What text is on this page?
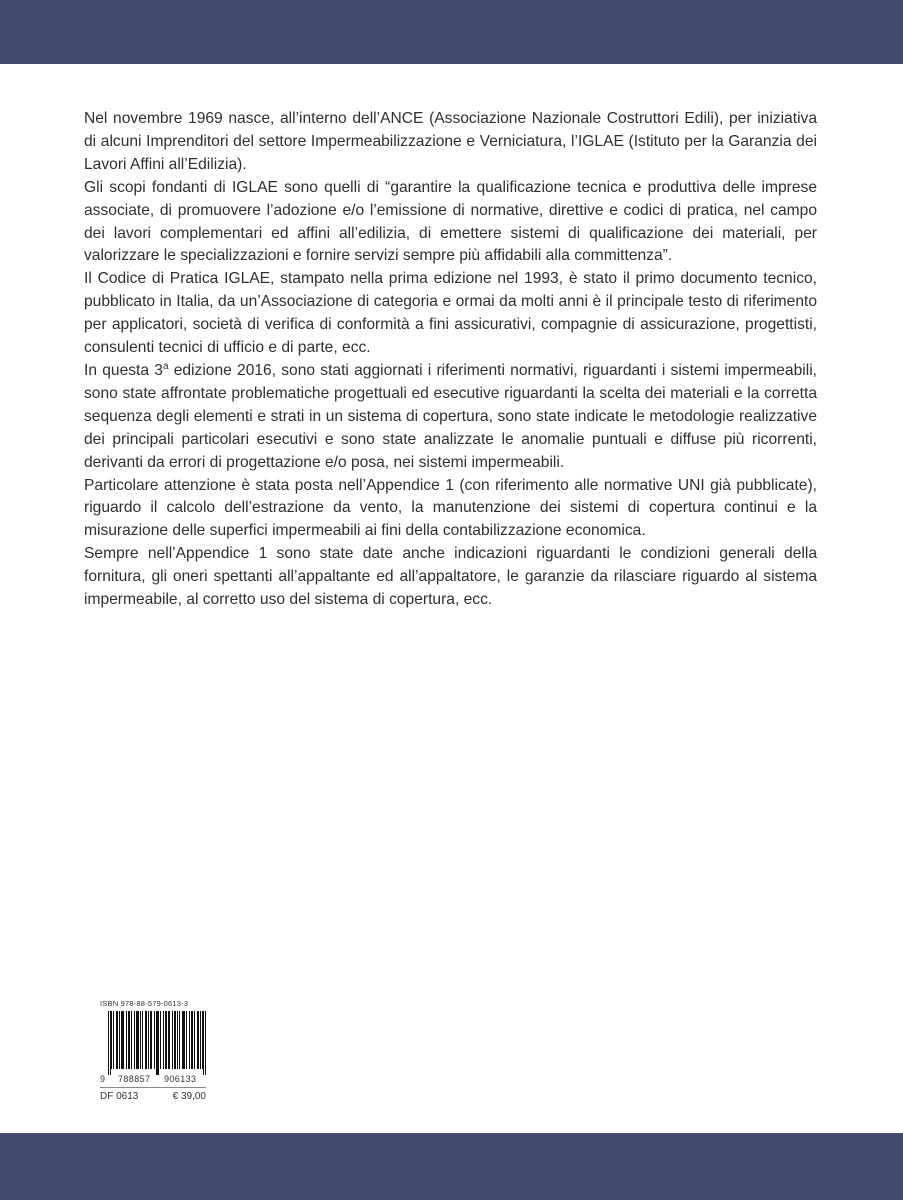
Nel novembre 1969 nasce, all’interno dell’ANCE (Associazione Nazionale Costruttori Edili), per iniziativa di alcuni Imprenditori del settore Impermeabilizzazione e Verniciatura, l’IGLAE (Istituto per la Garanzia dei Lavori Affini all’Edilizia).

Gli scopi fondanti di IGLAE sono quelli di “garantire la qualificazione tecnica e produttiva delle imprese associate, di promuovere l’adozione e/o l’emissione di normative, direttive e codici di pratica, nel campo dei lavori complementari ed affini all’edilizia, di emettere sistemi di qualificazione dei materiali, per valorizzare le specializzazioni e fornire servizi sempre più affidabili alla committenza”.

Il Codice di Pratica IGLAE, stampato nella prima edizione nel 1993, è stato il primo documento tecnico, pubblicato in Italia, da un’Associazione di categoria e ormai da molti anni è il principale testo di riferimento per applicatori, società di verifica di conformità a fini assicurativi, compagnie di assicurazione, progettisti, consulenti tecnici di ufficio e di parte, ecc.

In questa 3$^a$ edizione 2016, sono stati aggiornati i riferimenti normativi, riguardanti i sistemi impermeabili, sono state affrontate problematiche progettuali ed esecutive riguardanti la scelta dei materiali e la corretta sequenza degli elementi e strati in un sistema di copertura, sono state indicate le metodologie realizzative dei principali particolari esecutivi e sono state analizzate le anomalie puntuali e diffuse più ricorrenti, derivanti da errori di progettazione e/o posa, nei sistemi impermeabili.

Particolare attenzione è stata posta nell’Appendice 1 (con riferimento alle normative UNI già pubblicate), riguardo il calcolo dell’estrazione da vento, la manutenzione dei sistemi di copertura continui e la misurazione delle superfici impermeabili ai fini della contabilizzazione economica.

Sempre nell’Appendice 1 sono state date anche indicazioni riguardanti le condizioni generali della fornitura, gli oneri spettanti all’appaltante ed all’appaltatore, le garanzie da rilasciare riguardo al sistema impermeabile, al corretto uso del sistema di copertura, ecc.

ISBN 978-88-579-0613-3
9 788857 906133
DF 0613	€ 39,00
